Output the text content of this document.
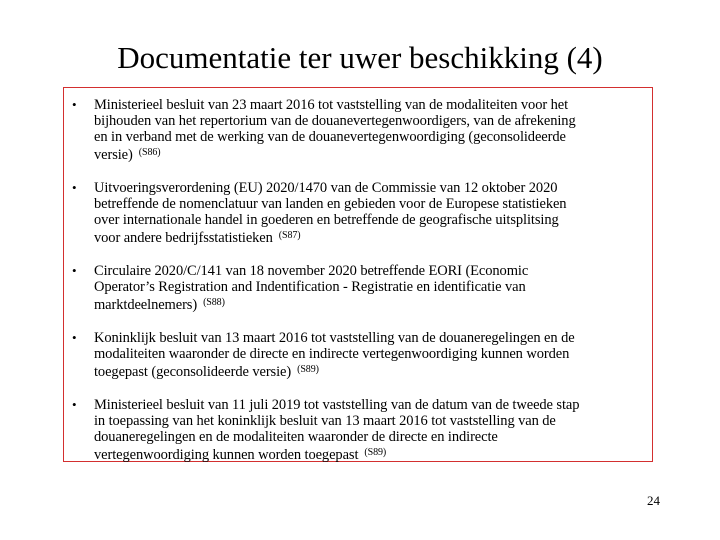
Documentatie ter uwer beschikking (4)
•	Ministerieel besluit van 23 maart 2016 tot vaststelling van de modaliteiten voor het
bijhouden van het repertorium van de douanevertegenwoordigers, van de afrekening
en in verband met de werking van de douanevertegenwoordiging (geconsolideerde
versie) $^{(S86)}$
•	Uitvoeringsverordening (EU) 2020/1470 van de Commissie van 12 oktober 2020
betreffende de nomenclatuur van landen en gebieden voor de Europese statistieken
over internationale handel in goederen en betreffende de geografische uitsplitsing
voor andere bedrijfsstatistieken $^{(S87)}$
•	Circulaire 2020/C/141 van 18 november 2020 betreffende EORI (Economic
Operator’s Registration and Indentification - Registratie en identificatie van
marktdeelnemers) $^{(S88)}$
•	Koninklijk besluit van 13 maart 2016 tot vaststelling van de douaneregelingen en de
modaliteiten waaronder de directe en indirecte vertegenwoordiging kunnen worden
toegepast (geconsolideerde versie) $^{(S89)}$
•	Ministerieel besluit van 11 juli 2019 tot vaststelling van de datum van de tweede stap
in toepassing van het koninklijk besluit van 13 maart 2016 tot vaststelling van de
douaneregelingen en de modaliteiten waaronder de directe en indirecte
vertegenwoordiging kunnen worden toegepast $^{(S89)}$
24
